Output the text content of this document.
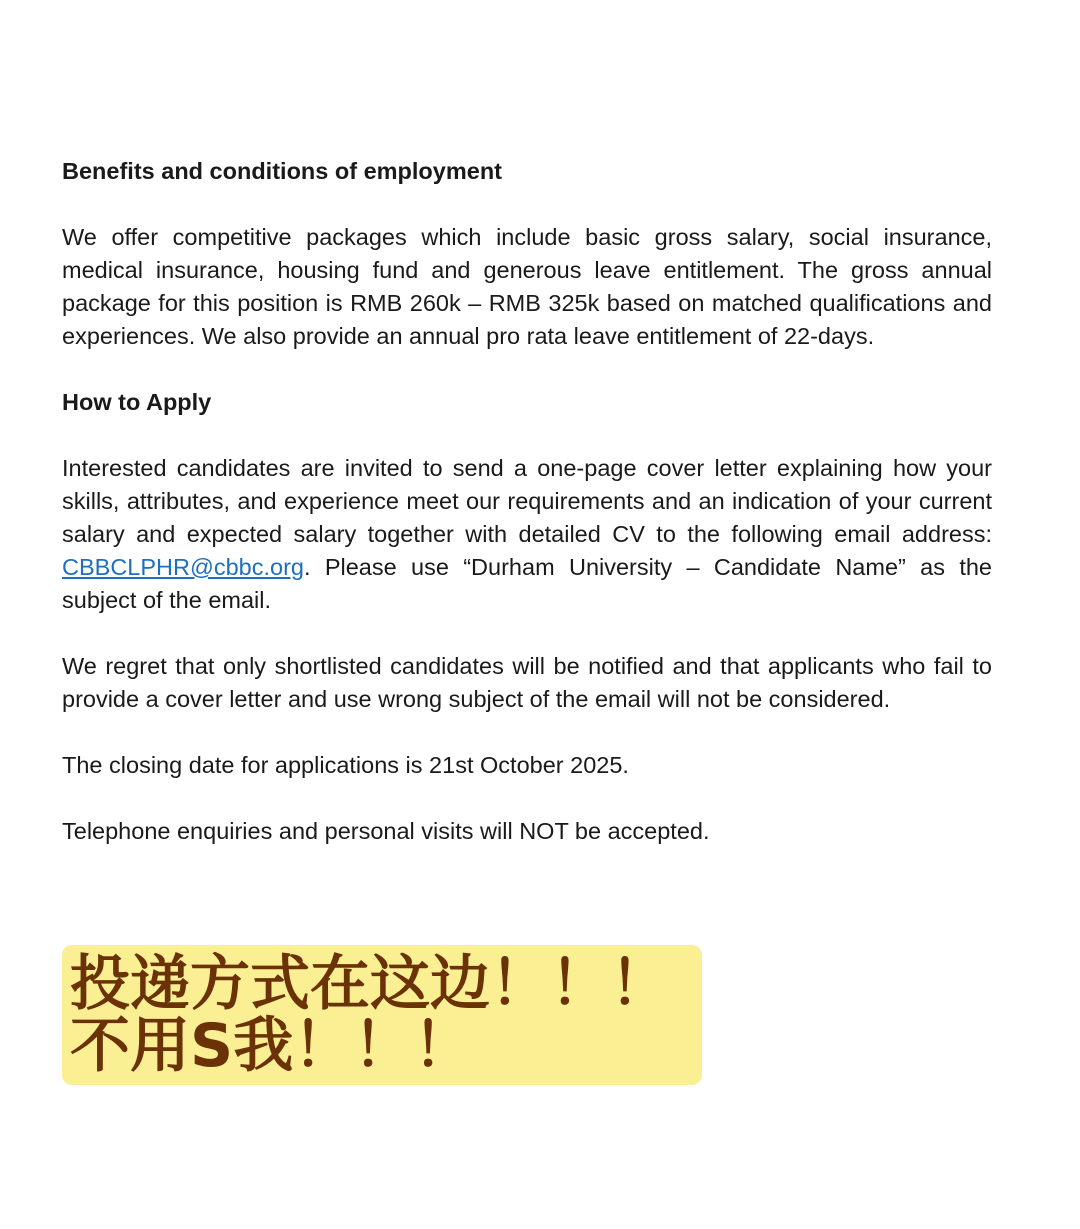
Benefits and conditions of employment
We offer competitive packages which include basic gross salary, social insurance, medical insurance, housing fund and generous leave entitlement. The gross annual package for this position is RMB 260k – RMB 325k based on matched qualifications and experiences. We also provide an annual pro rata leave entitlement of 22-days.
How to Apply
Interested candidates are invited to send a one-page cover letter explaining how your skills, attributes, and experience meet our requirements and an indication of your current salary and expected salary together with detailed CV to the following email address: CBBCLPHR@cbbc.org. Please use “Durham University – Candidate Name” as the subject of the email.
We regret that only shortlisted candidates will be notified and that applicants who fail to provide a cover letter and use wrong subject of the email will not be considered.
The closing date for applications is 21st October 2025.
Telephone enquiries and personal visits will NOT be accepted.
投递方式在这边！！！
不用S我！！！
